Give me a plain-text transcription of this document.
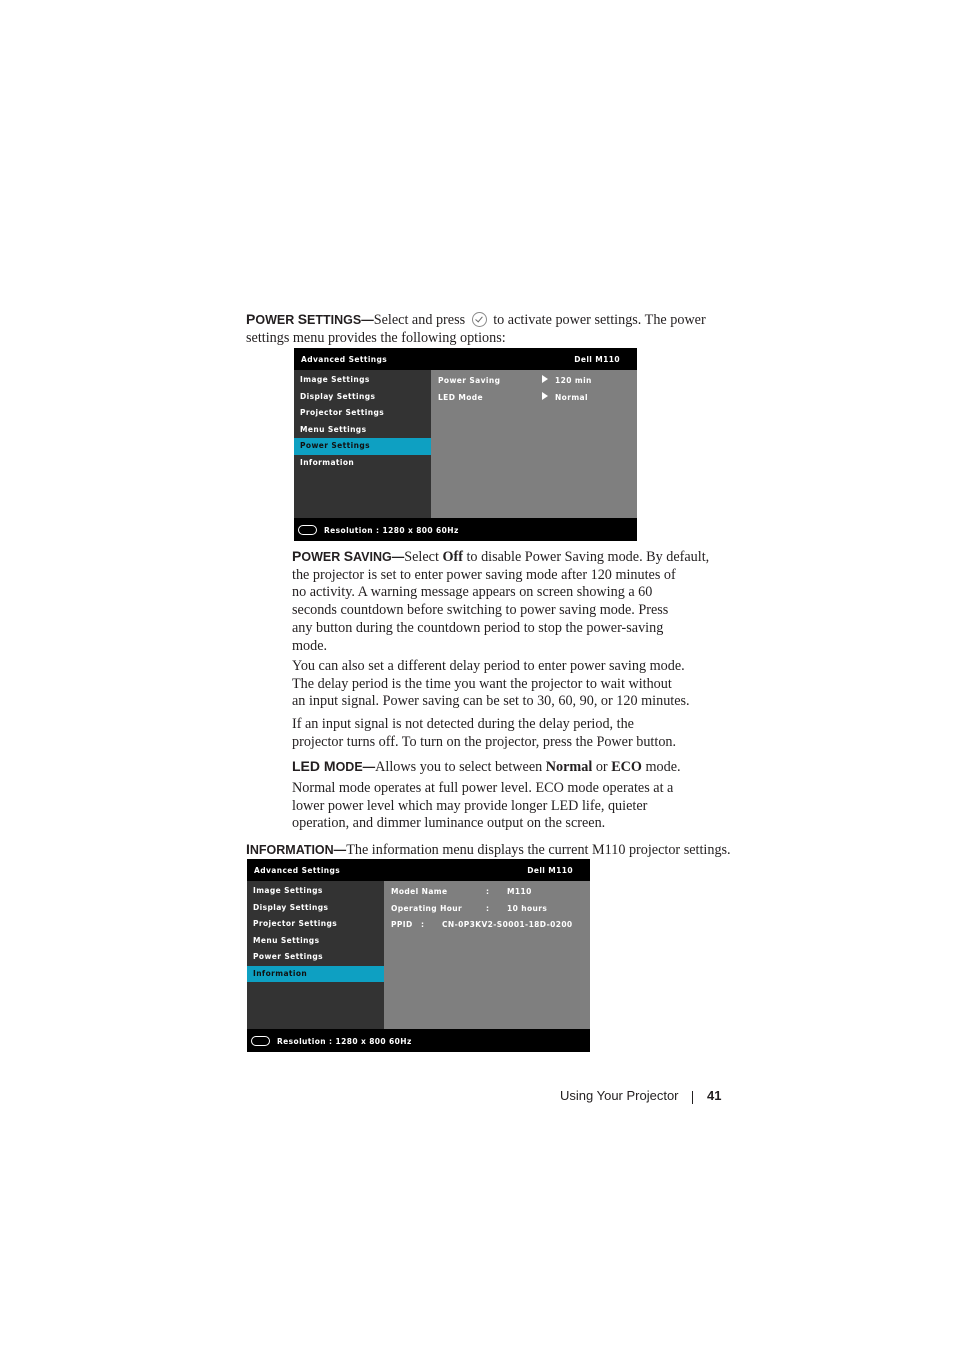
POWER SETTINGS—Select and press to activate power settings. The power
settings menu provides the following options:
Advanced Settings	Dell M110
Image Settings
Display Settings
Projector Settings
Menu Settings
Power Settings
Information
Power Saving	120 min
LED Mode	Normal
Resolution : 1280 x 800 60Hz
POWER SAVING—Select Off to disable Power Saving mode. By default,
the projector is set to enter power saving mode after 120 minutes of
no activity. A warning message appears on screen showing a 60
seconds countdown before switching to power saving mode. Press
any button during the countdown period to stop the power-saving
mode.
You can also set a different delay period to enter power saving mode.
The delay period is the time you want the projector to wait without
an input signal. Power saving can be set to 30, 60, 90, or 120 minutes.
If an input signal is not detected during the delay period, the
projector turns off. To turn on the projector, press the Power button.
LED MODE—Allows you to select between Normal or ECO mode.
Normal mode operates at full power level. ECO mode operates at a
lower power level which may provide longer LED life, quieter
operation, and dimmer luminance output on the screen.
INFORMATION—The information menu displays the current M110 projector settings.
Advanced Settings	Dell M110
Image Settings
Display Settings
Projector Settings
Menu Settings
Power Settings
Information
Model Name	: M110
Operating Hour	: 10 hours
PPID : CN-0P3KV2-S0001-18D-0200
Resolution : 1280 x 800 60Hz
Using Your Projector 41
